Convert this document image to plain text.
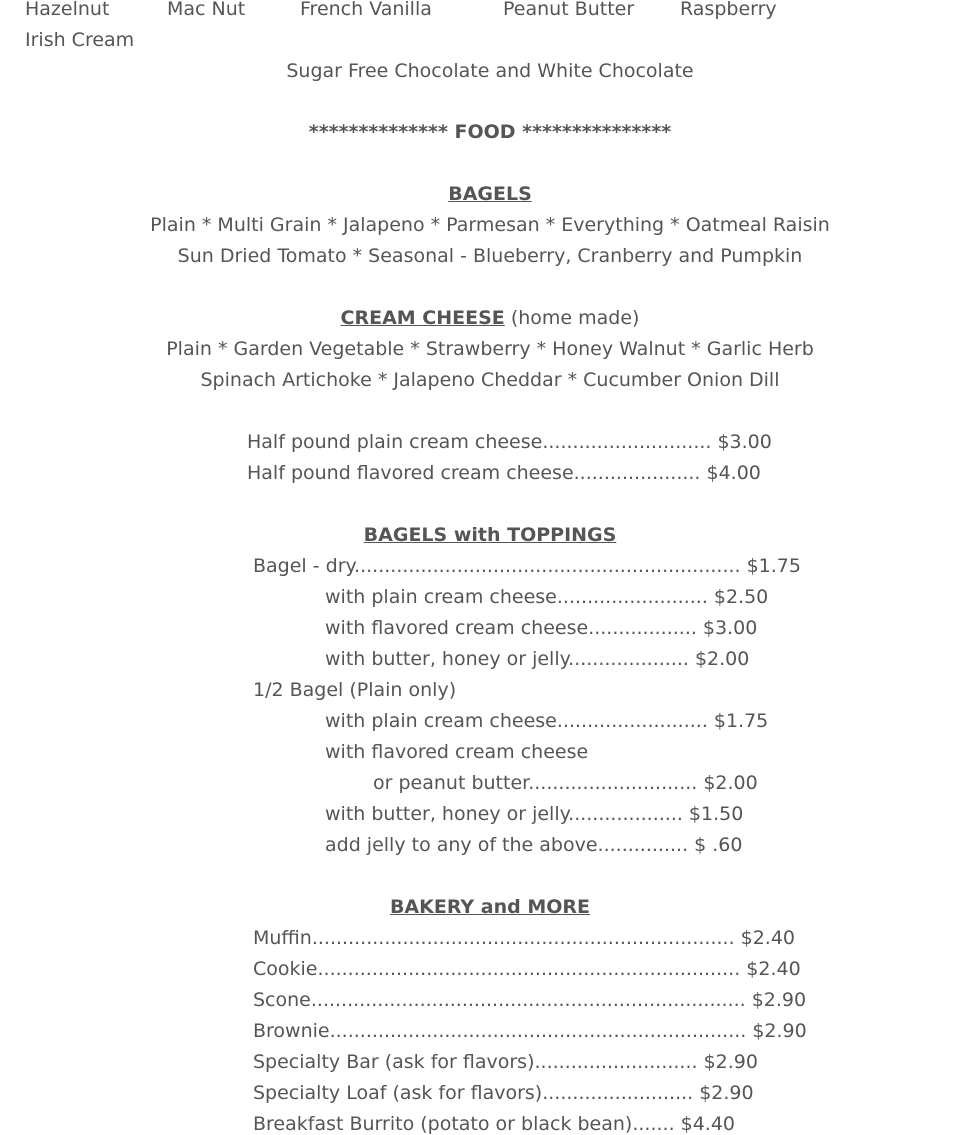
Hazelnut	Mac Nut	French Vanilla	Peanut Butter Raspberry
Irish Cream
Sugar Free Chocolate and White Chocolate
************** FOOD ***************
BAGELS
Plain * Multi Grain * Jalapeno * Parmesan * Everything * Oatmeal Raisin
Sun Dried Tomato * Seasonal - Blueberry, Cranberry and Pumpkin
CREAM CHEESE (home made)
Plain * Garden Vegetable * Strawberry * Honey Walnut * Garlic Herb
Spinach Artichoke * Jalapeno Cheddar * Cucumber Onion Dill
Half pound plain cream cheese............................ $3.00
Half pound flavored cream cheese..................... $4.00
BAGELS with TOPPINGS
Bagel - dry................................................................ $1.75
with plain cream cheese......................... $2.50
with flavored cream cheese.................. $3.00
with butter, honey or jelly.................... $2.00
1/2 Bagel (Plain only)
with plain cream cheese......................... $1.75
with flavored cream cheese
or peanut butter............................ $2.00
with butter, honey or jelly................... $1.50
add jelly to any of the above............... $ .60
BAKERY and MORE
Muffin...................................................................... $2.40
Cookie...................................................................... $2.40
Scone........................................................................ $2.90
Brownie..................................................................... $2.90
Specialty Bar (ask for flavors)........................... $2.90
Specialty Loaf (ask for flavors)......................... $2.90
Breakfast Burrito (potato or black bean)....... $4.40
